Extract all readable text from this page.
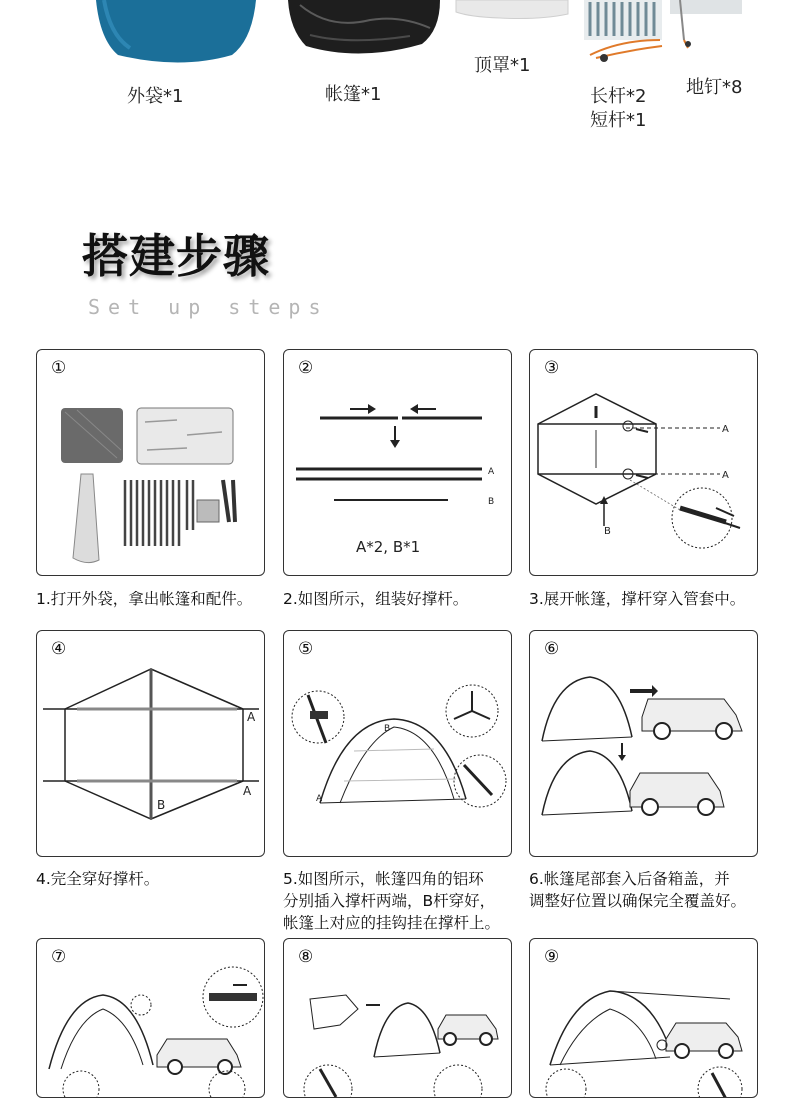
外袋*1	帐篷*1
顶罩*1
长杆*2
短杆*1
地钉*8
搭建步骤
Set up steps
①
1.打开外袋，拿出帐篷和配件。
②
A
B
A*2, B*1
2.如图所示，组装好撑杆。
③
A
A
B
3.展开帐篷，撑杆穿入管套中。
④
A
A
B
4.完全穿好撑杆。
⑤
A
B
5.如图所示，帐篷四角的铝环
分别插入撑杆两端，B杆穿好，
帐篷上对应的挂钩挂在撑杆上。
⑥
6.帐篷尾部套入后备箱盖，并
调整好位置以确保完全覆盖好。
⑦	⑧	⑨
